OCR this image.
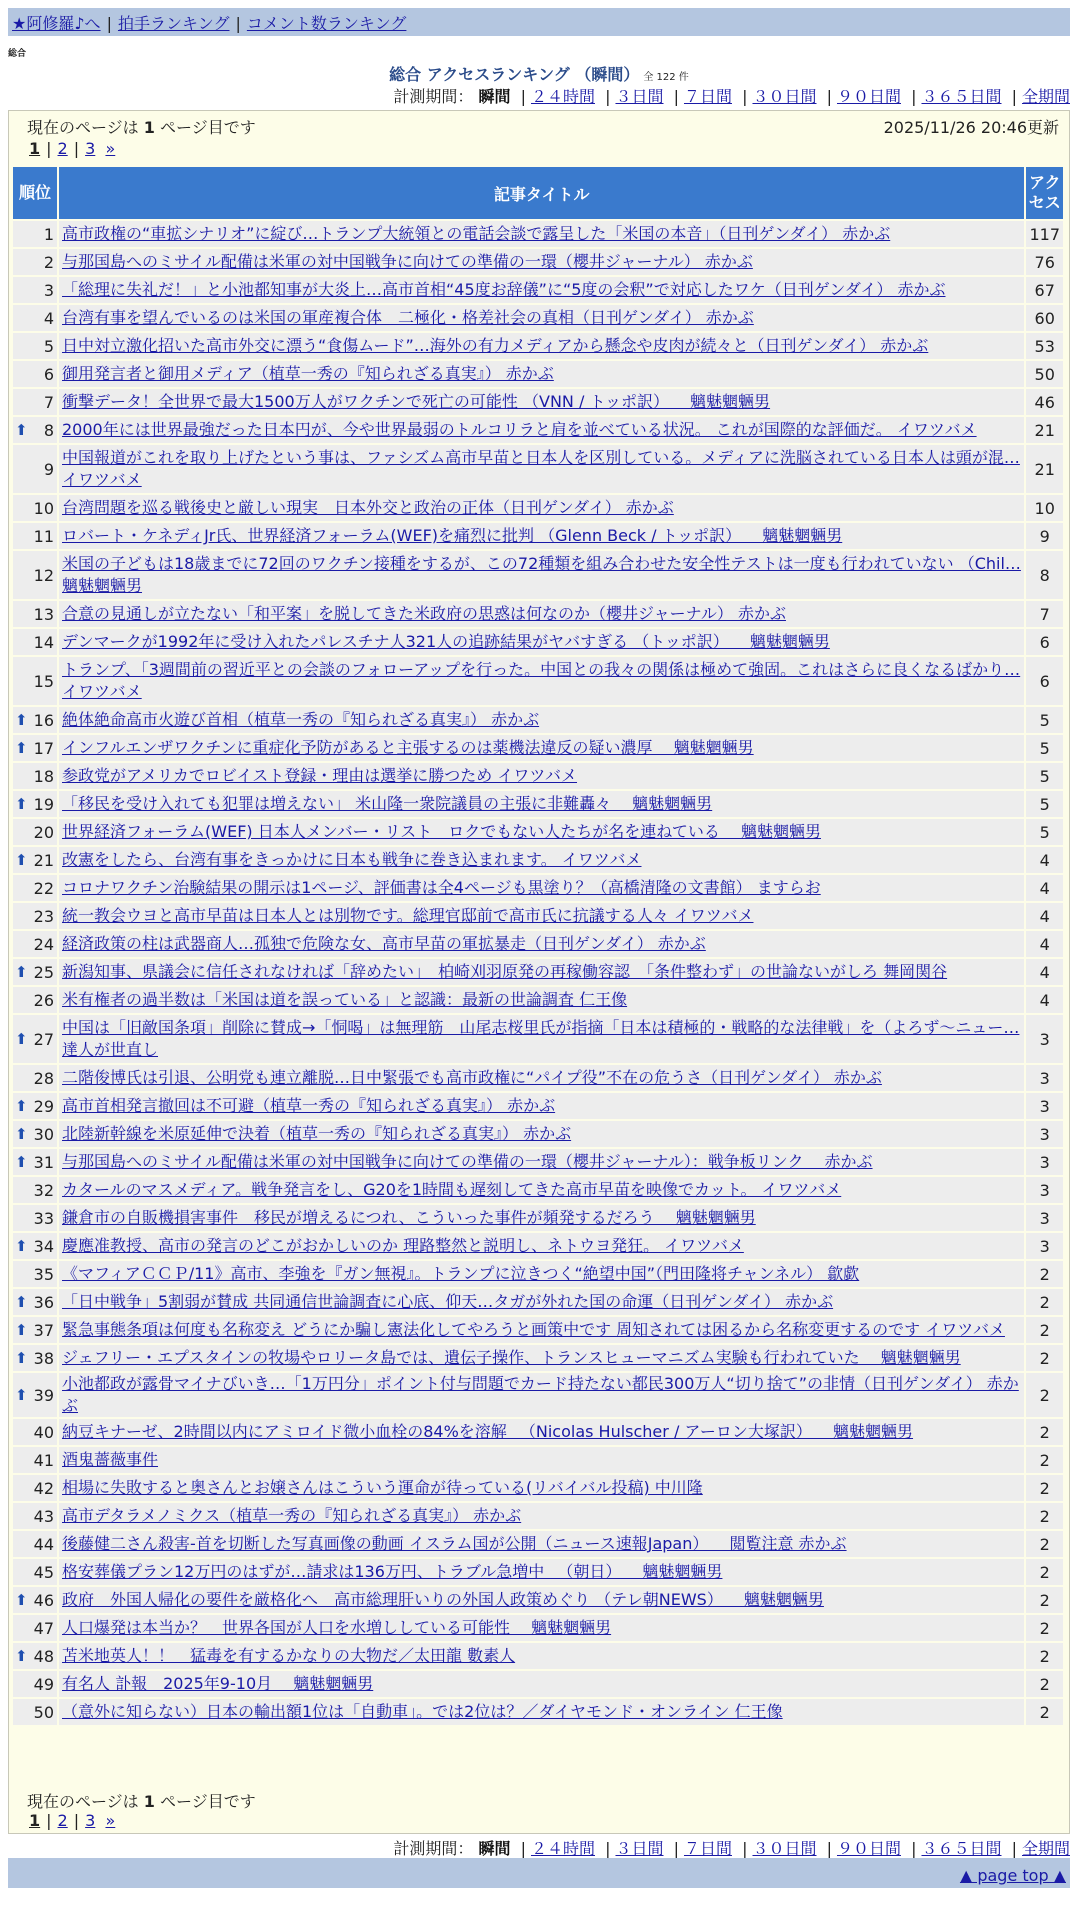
★阿修羅♪へ | 拍手ランキング | コメント数ランキング
総合
総合 アクセスランキング （瞬間） 全 122 件
計測期間： 瞬間 | ２４時間 | ３日間 | ７日間 | ３０日間 | ９０日間 | ３６５日間 | 全期間
現在のページは 1 ページ目です	2025/11/26 20:46更新
1 | 2 | 3 »
順位	記事タイトル	アクセス
1	高市政権の“車拡シナリオ”に綻び…トランプ大統領との電話会談で露呈した「米国の本音」（日刊ゲンダイ） 赤かぶ	117
2	与那国島へのミサイル配備は米軍の対中国戦争に向けての準備の一環（櫻井ジャーナル） 赤かぶ	76
3	「総理に失礼だ！」と小池都知事が大炎上…高市首相“45度お辞儀”に“5度の会釈”で対応したワケ（日刊ゲンダイ） 赤かぶ	67
4	台湾有事を望んでいるのは米国の軍産複合体　二極化・格差社会の真相（日刊ゲンダイ） 赤かぶ	60
5	日中対立激化招いた高市外交に漂う“食傷ムード”…海外の有力メディアから懸念や皮肉が続々と（日刊ゲンダイ） 赤かぶ	53
6	御用発言者と御用メディア（植草一秀の『知られざる真実』） 赤かぶ	50
7	衝撃データ！全世界で最大1500万人がワクチンで死亡の可能性 （VNN / トッポ訳） 　魑魅魍魎男	46

⬆ 8	2000年には世界最強だった日本円が、今や世界最弱のトルコリラと肩を並べている状況。 これが国際的な評価だ。 イワツバメ	21
9	中国報道がこれを取り上げたという事は、ファシズム高市早苗と日本人を区別している。メディアに洗脳されている日本人は頭が混…
イワツバメ	21
10	台湾問題を巡る戦後史と厳しい現実　日本外交と政治の正体（日刊ゲンダイ） 赤かぶ	10
11	ロバート・ケネディJr氏、世界経済フォーラム(WEF)を痛烈に批判 （Glenn Beck / トッポ訳） 　魑魅魍魎男	9
12	米国の子どもは18歳までに72回のワクチン接種をするが、この72種類を組み合わせた安全性テストは一度も行われていない （Chil…
魑魅魍魎男	8
13	合意の見通しが立たない「和平案」を脱してきた米政府の思惑は何なのか（櫻井ジャーナル） 赤かぶ	7
14	デンマークが1992年に受け入れたパレスチナ人321人の追跡結果がヤバすぎる （トッポ訳） 　魑魅魍魎男	6
15	トランプ、「3週間前の習近平との会談のフォローアップを行った。中国との我々の関係は極めて強固。これはさらに良くなるばかり…
イワツバメ	6

⬆ 16	絶体絶命高市火遊び首相（植草一秀の『知られざる真実』） 赤かぶ	5

⬆ 17	インフルエンザワクチンに重症化予防があると主張するのは薬機法違反の疑い濃厚 　魑魅魍魎男	5
18	参政党がアメリカでロビイスト登録・理由は選挙に勝つため イワツバメ	5

⬆ 19	「移民を受け入れても犯罪は増えない」 米山隆一衆院議員の主張に非難轟々 　魑魅魍魎男	5
20	世界経済フォーラム(WEF) 日本人メンバー・リスト　ロクでもない人たちが名を連ねている 　魑魅魍魎男	5

⬆ 21	改憲をしたら、台湾有事をきっかけに日本も戦争に巻き込まれます。 イワツバメ	4
22	コロナワクチン治験結果の開示は1ページ、評価書は全4ページも黒塗り？（高橋清隆の文書館） ますらお	4
23	統一教会ウヨと高市早苗は日本人とは別物です。総理官邸前で高市氏に抗議する人々 イワツバメ	4
24	経済政策の柱は武器商人…孤独で危険な女、高市早苗の軍拡暴走（日刊ゲンダイ） 赤かぶ	4

⬆ 25	新潟知事、県議会に信任されなければ「辞めたい」　柏崎刈羽原発の再稼働容認　「条件整わず」の世論ないがしろ 舞岡関谷	4
26	米有権者の過半数は「米国は道を誤っている」と認識：最新の世論調査 仁王像	4

⬆ 27	中国は「旧敵国条項」削除に賛成→「恫喝」は無理筋　山尾志桜里氏が指摘「日本は積極的・戦略的な法律戦」を（よろず～ニュー…
達人が世直し	3
28	二階俊博氏は引退、公明党も連立離脱…日中緊張でも高市政権に“パイプ役”不在の危うさ（日刊ゲンダイ） 赤かぶ	3

⬆ 29	高市首相発言撤回は不可避（植草一秀の『知られざる真実』） 赤かぶ	3

⬆ 30	北陸新幹線を米原延伸で決着（植草一秀の『知られざる真実』） 赤かぶ	3

⬆ 31	与那国島へのミサイル配備は米軍の対中国戦争に向けての準備の一環（櫻井ジャーナル）：戦争板リンク 　赤かぶ	3
32	カタールのマスメディア。戦争発言をし、G20を1時間も遅刻してきた高市早苗を映像でカット。 イワツバメ	3
33	鎌倉市の自販機損害事件　移民が増えるにつれ、こういった事件が頻発するだろう 　魑魅魍魎男	3

⬆ 34	慶應准教授、高市の発言のどこがおかしいのか 理路整然と説明し、ネトウヨ発狂。 イワツバメ	3
35	《マフィアＣＣＰ/11》高市、李強を『ガン無視』。トランプに泣きつく“絶望中国”（門田隆将チャンネル） 歙歔	2

⬆ 36	「日中戦争」5割弱が賛成 共同通信世論調査に心底、仰天…タガが外れた国の命運（日刊ゲンダイ） 赤かぶ	2

⬆ 37	緊急事態条項は何度も名称変え どうにか騙し憲法化してやろうと画策中です 周知されては困るから名称変更するのです イワツバメ	2

⬆ 38	ジェフリー・エプスタインの牧場やロリータ島では、遺伝子操作、トランスヒューマニズム実験も行われていた 　魑魅魍魎男	2

⬆ 39	小池都政が露骨マイナびいき…「1万円分」ポイント付与問題でカード持たない都民300万人“切り捨て”の非情（日刊ゲンダイ） 赤かぶ	2
40	納豆キナーゼ、2時間以内にアミロイド微小血栓の84%を溶解 　（Nicolas Hulscher / アーロン大塚訳） 　魑魅魍魎男	2
41	酒鬼薔薇事件	2
42	相場に失敗すると奥さんとお嬢さんはこういう運命が待っている(リバイバル投稿) 中川隆	2
43	高市デタラメノミクス（植草一秀の『知られざる真実』） 赤かぶ	2
44	後藤健二さん殺害-首を切断した写真画像の動画 イスラム国が公開（ニュース速報Japan） 　閲覧注意 赤かぶ	2
45	格安葬儀プラン12万円のはずが…請求は136万円、トラブル急増中 　（朝日） 　魑魅魍魎男	2

⬆ 46	政府　外国人帰化の要件を厳格化へ　高市総理肝いりの外国人政策めぐり （テレ朝NEWS） 　魑魅魍魎男	2
47	人口爆発は本当か？　世界各国が人口を水増ししている可能性 　魑魅魍魎男	2

⬆ 48	苫米地英人！！　猛毒を有するかなりの大物だ／太田龍 數素人	2
49	有名人 訃報　2025年9-10月 　魑魅魍魎男	2
50	（意外に知らない）日本の輸出額1位は「自動車」。では2位は？／ダイヤモンド・オンライン 仁王像	2
現在のページは 1 ページ目です
1 | 2 | 3 »
計測期間： 瞬間 | ２４時間 | ３日間 | ７日間 | ３０日間 | ９０日間 | ３６５日間 | 全期間
▲ page top ▲
